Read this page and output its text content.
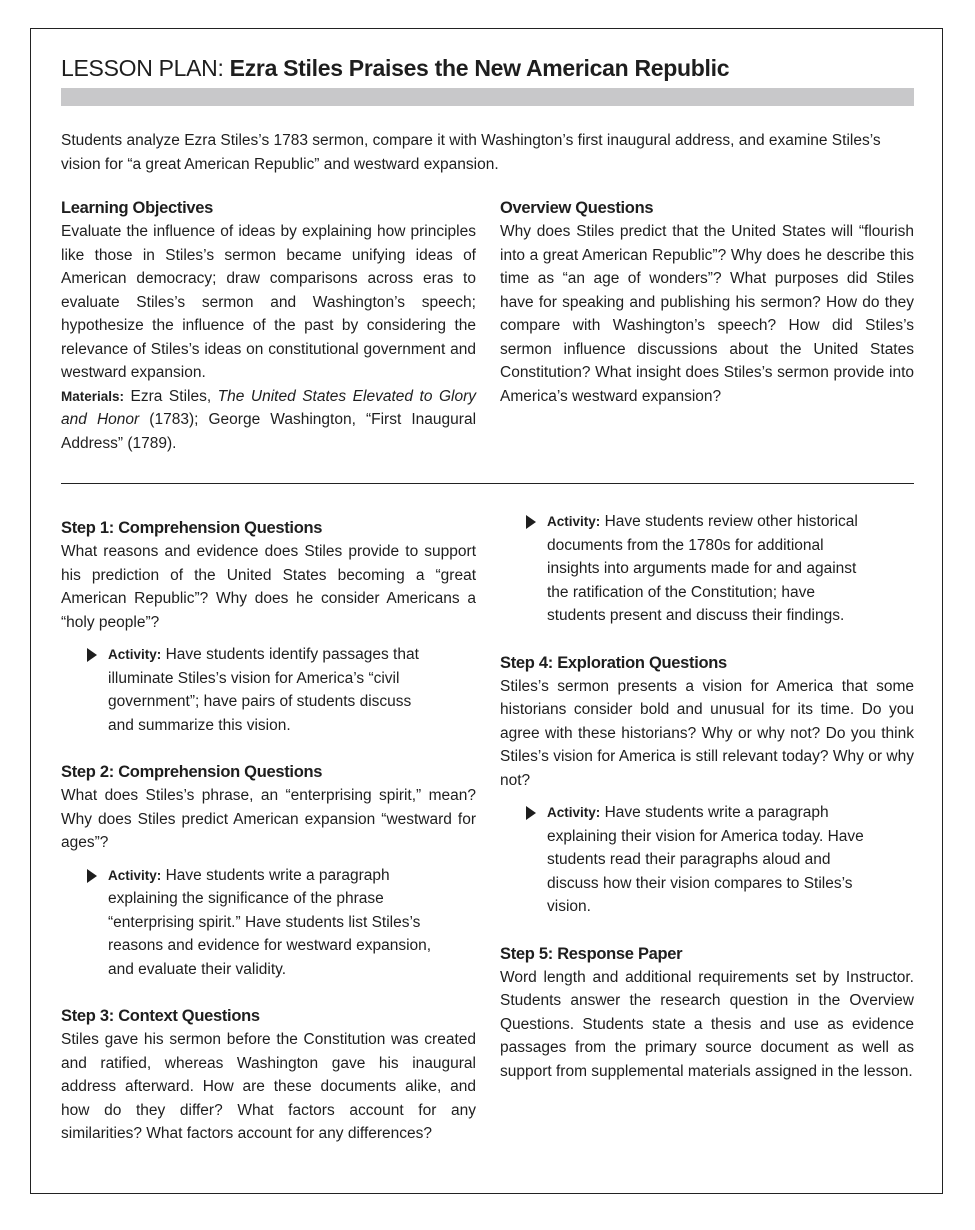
LESSON PLAN: Ezra Stiles Praises the New American Republic

Students analyze Ezra Stiles’s 1783 sermon, compare it with Washington’s first inaugural address, and examine Stiles’s vision for “a great American Republic” and westward expansion.

Learning Objectives

Evaluate the influence of ideas by explaining how principles like those in Stiles’s sermon became unifying ideas of American democracy; draw comparisons across eras to evaluate Stiles’s sermon and Washington’s speech; hypothesize the influence of the past by considering the relevance of Stiles’s ideas on constitutional government and westward expansion.

Materials: Ezra Stiles, The United States Elevated to Glory and Honor (1783); George Washington, “First Inaugural Address” (1789).

Overview Questions

Why does Stiles predict that the United States will “flourish into a great American Republic”? Why does he describe this time as “an age of wonders”? What purposes did Stiles have for speaking and publishing his sermon? How do they compare with Washington’s speech? How did Stiles’s sermon influence discussions about the United States Constitution? What insight does Stiles’s sermon provide into America’s westward expansion?

Step 1: Comprehension Questions

What reasons and evidence does Stiles provide to support his prediction of the United States becoming a “great American Republic”? Why does he consider Americans a “holy people”?

Activity: Have students identify passages that illuminate Stiles’s vision for America’s “civil government”; have pairs of students discuss and summarize this vision.
Step 2: Comprehension Questions

What does Stiles’s phrase, an “enterprising spirit,” mean? Why does Stiles predict American expansion “westward for ages”?

Activity: Have students write a paragraph explaining the significance of the phrase “enterprising spirit.” Have students list Stiles’s reasons and evidence for westward expansion, and evaluate their validity.
Step 3: Context Questions

Stiles gave his sermon before the Constitution was created and ratified, whereas Washington gave his inaugural address afterward. How are these documents alike, and how do they differ? What factors account for any similarities? What factors account for any differences?

Activity: Have students review other historical documents from the 1780s for additional insights into arguments made for and against the ratification of the Constitution; have students present and discuss their findings.
Step 4: Exploration Questions

Stiles’s sermon presents a vision for America that some historians consider bold and unusual for its time. Do you agree with these historians? Why or why not? Do you think Stiles’s vision for America is still relevant today? Why or why not?

Activity: Have students write a paragraph explaining their vision for America today. Have students read their paragraphs aloud and discuss how their vision compares to Stiles’s vision.
Step 5: Response Paper

Word length and additional requirements set by Instructor. Students answer the research question in the Overview Questions. Students state a thesis and use as evidence passages from the primary source document as well as support from supplemental materials assigned in the lesson.
